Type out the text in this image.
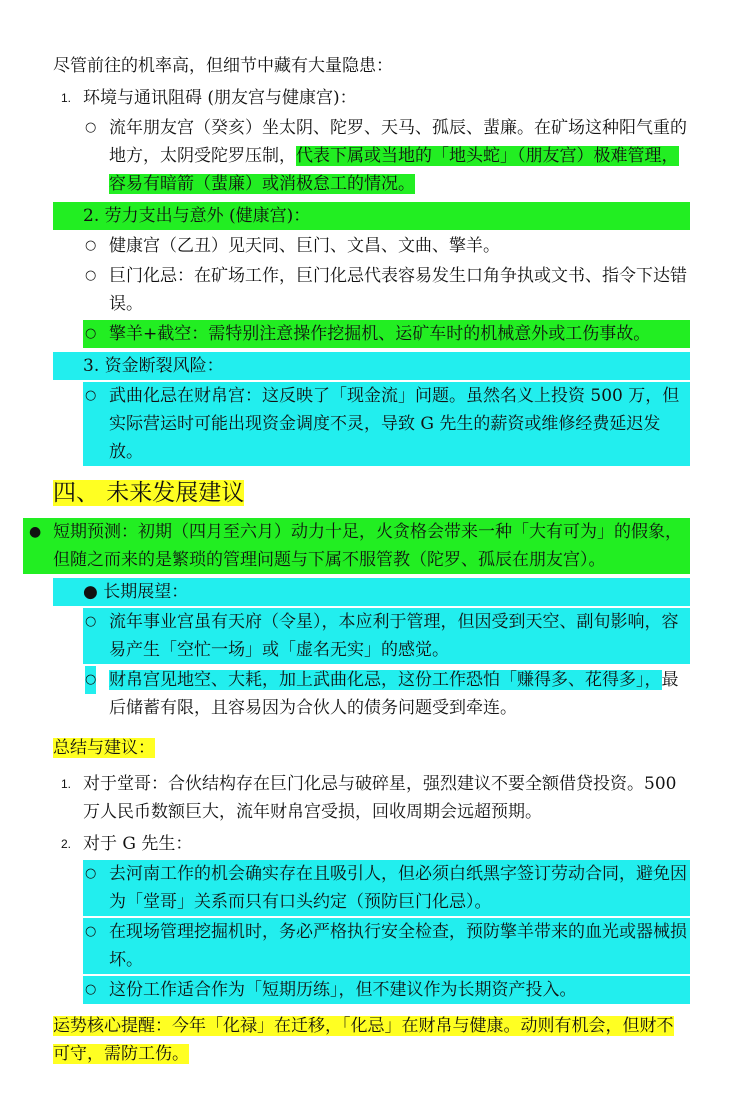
尽管前往的机率高，但细节中藏有大量隐患：

1. 环境与通讯阻碍 (朋友宫与健康宫)：
○ 流年朋友宫（癸亥）坐太阴、陀罗、天马、孤辰、蜚廉。在矿场这种阳气重的地方，太阴受陀罗压制，代表下属或当地的「地头蛇」（朋友宫）极难管理，容易有暗箭（蜚廉）或消极怠工的情况。
2. 劳力支出与意外 (健康宫)：
○ 健康宫（乙丑）见天同、巨门、文昌、文曲、擎羊。
○ 巨门化忌：在矿场工作，巨门化忌代表容易发生口角争执或文书、指令下达错误。
○ 擎羊+截空：需特别注意操作挖掘机、运矿车时的机械意外或工伤事故。
3. 资金断裂风险：
○ 武曲化忌在财帛宫：这反映了「现金流」问题。虽然名义上投资 500 万，但实际营运时可能出现资金调度不灵，导致 G 先生的薪资或维修经费延迟发放。
四、 未来发展建议
● 短期预测：初期（四月至六月）动力十足，火贪格会带来一种「大有可为」的假象，但随之而来的是繁琐的管理问题与下属不服管教（陀罗、孤辰在朋友宫）。
● 长期展望：
○ 流年事业宫虽有天府（令星），本应利于管理，但因受到天空、副旬影响，容易产生「空忙一场」或「虚名无实」的感觉。
○ 财帛宫见地空、大耗，加上武曲化忌，这份工作恐怕「赚得多、花得多」，最后储蓄有限，且容易因为合伙人的债务问题受到牵连。

总结与建议：

1. 对于堂哥：合伙结构存在巨门化忌与破碎星，强烈建议不要全额借贷投资。500 万人民币数额巨大，流年财帛宫受损，回收周期会远超预期。
2. 对于 G 先生：
○ 去河南工作的机会确实存在且吸引人，但必须白纸黑字签订劳动合同，避免因为「堂哥」关系而只有口头约定（预防巨门化忌）。
○ 在现场管理挖掘机时，务必严格执行安全检查，预防擎羊带来的血光或器械损坏。
○ 这份工作适合作为「短期历练」，但不建议作为长期资产投入。

运势核心提醒：今年「化禄」在迁移，「化忌」在财帛与健康。动则有机会，但财不可守，需防工伤。
